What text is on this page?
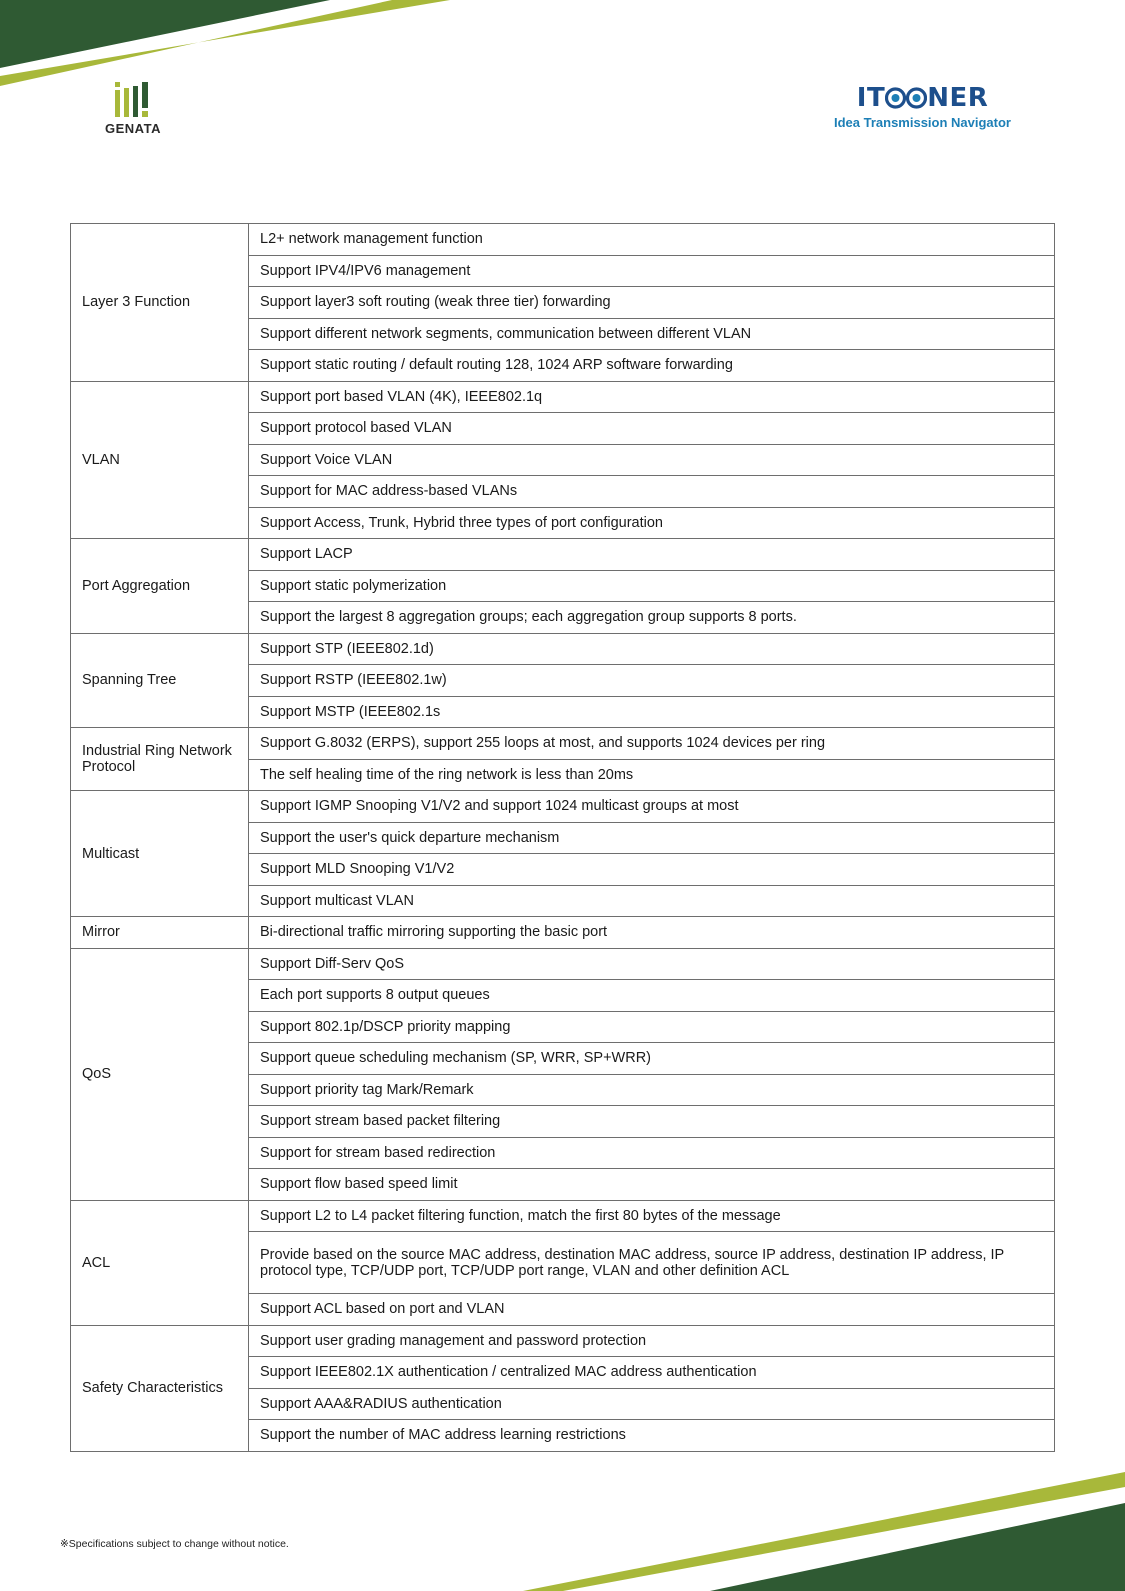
GENATA
IT NER
Idea Transmission Navigator
Layer 3 Function	L2+ network management function
	Support IPV4/IPV6 management
	Support layer3 soft routing (weak three tier) forwarding
	Support different network segments, communication between different VLAN
	Support static routing / default routing 128, 1024 ARP software forwarding
VLAN	Support port based VLAN (4K), IEEE802.1q
	Support protocol based VLAN
	Support Voice VLAN
	Support for MAC address-based VLANs
	Support Access, Trunk, Hybrid three types of port configuration
Port Aggregation	Support LACP
	Support static polymerization
	Support the largest 8 aggregation groups; each aggregation group supports 8 ports.
Spanning Tree	Support STP (IEEE802.1d)
	Support RSTP (IEEE802.1w)
	Support MSTP (IEEE802.1s
Industrial Ring Network Protocol	Support G.8032 (ERPS), support 255 loops at most, and supports 1024 devices per ring
	The self healing time of the ring network is less than 20ms
Multicast	Support IGMP Snooping V1/V2 and support 1024 multicast groups at most
	Support the user's quick departure mechanism
	Support MLD Snooping V1/V2
	Support multicast VLAN
Mirror	Bi-directional traffic mirroring supporting the basic port
QoS	Support Diff-Serv QoS
	Each port supports 8 output queues
	Support 802.1p/DSCP priority mapping
	Support queue scheduling mechanism (SP, WRR, SP+WRR)
	Support priority tag Mark/Remark
	Support stream based packet filtering
	Support for stream based redirection
	Support flow based speed limit
ACL	Support L2 to L4 packet filtering function, match the first 80 bytes of the message
	Provide based on the source MAC address, destination MAC address, source IP address, destination IP address, IP protocol type, TCP/UDP port, TCP/UDP port range, VLAN and other definition ACL
	Support ACL based on port and VLAN
Safety Characteristics	Support user grading management and password protection
	Support IEEE802.1X authentication / centralized MAC address authentication
	Support AAA&RADIUS authentication
	Support the number of MAC address learning restrictions
※Specifications subject to change without notice.
